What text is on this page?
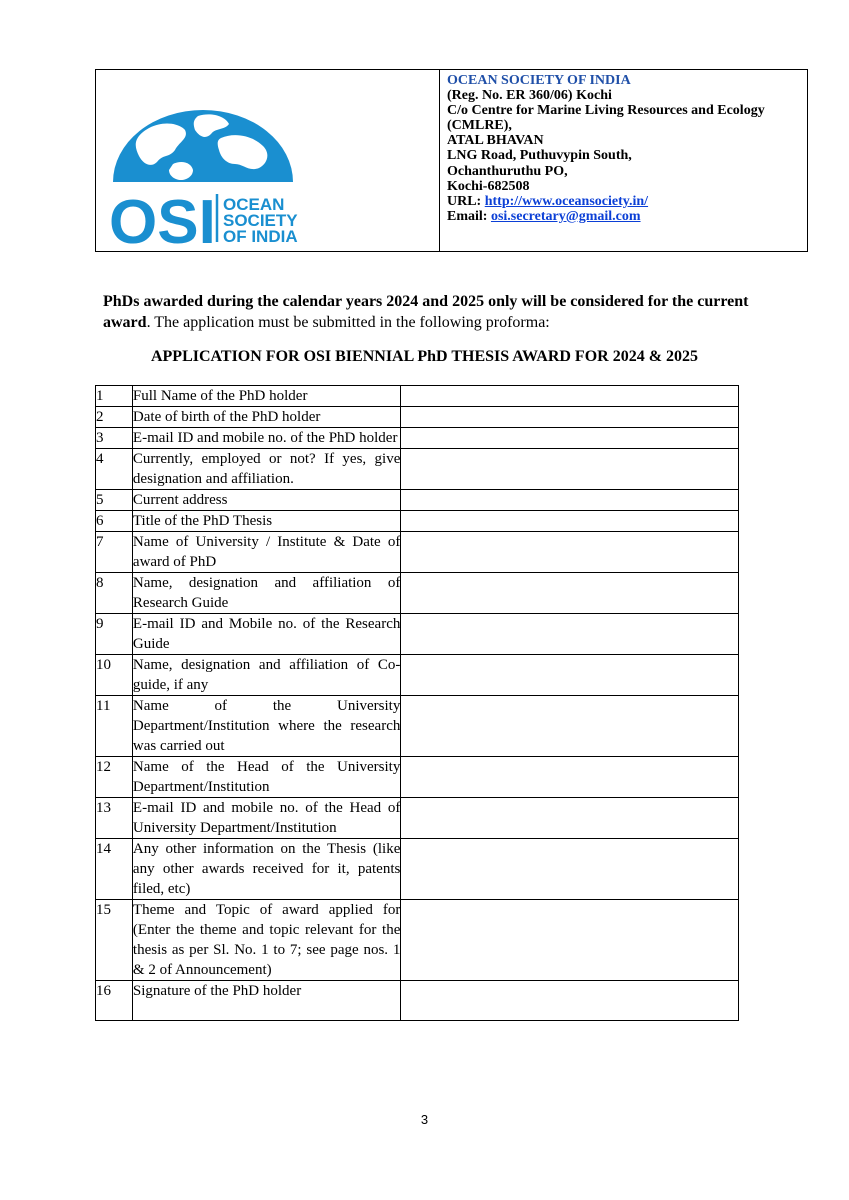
OSI OCEAN
SOCIETY
OF INDIA
OCEAN SOCIETY OF INDIA
(Reg. No. ER 360/06) Kochi
C/o Centre for Marine Living Resources and Ecology
(CMLRE),
ATAL BHAVAN
LNG Road, Puthuvypin South,
Ochanthuruthu PO,
Kochi-682508
URL: http://www.oceansociety.in/
Email: osi.secretary@gmail.com
PhDs awarded during the calendar years 2024 and 2025 only will be considered for the current award. The application must be submitted in the following proforma:
APPLICATION FOR OSI BIENNIAL PhD THESIS AWARD FOR 2024 & 2025
1	Full Name of the PhD holder	
2	Date of birth of the PhD holder	
3	E-mail ID and mobile no. of the PhD holder	
4	Currently, employed or not? If yes, give designation and affiliation.	
5	Current address	
6	Title of the PhD Thesis	
7	Name of University / Institute & Date of award of PhD	
8	Name, designation and affiliation of Research Guide	
9	E-mail ID and Mobile no. of the Research Guide	
10	Name, designation and affiliation of Co-guide, if any	
11	Name of the University Department/Institution where the research was carried out	
12	Name of the Head of the University Department/Institution	
13	E-mail ID and mobile no. of the Head of University Department/Institution	
14	Any other information on the Thesis (like any other awards received for it, patents filed, etc)	
15	Theme and Topic of award applied for (Enter the theme and topic relevant for the thesis as per Sl. No. 1 to 7; see page nos. 1 & 2 of Announcement)	
16	Signature of the PhD holder	
3
